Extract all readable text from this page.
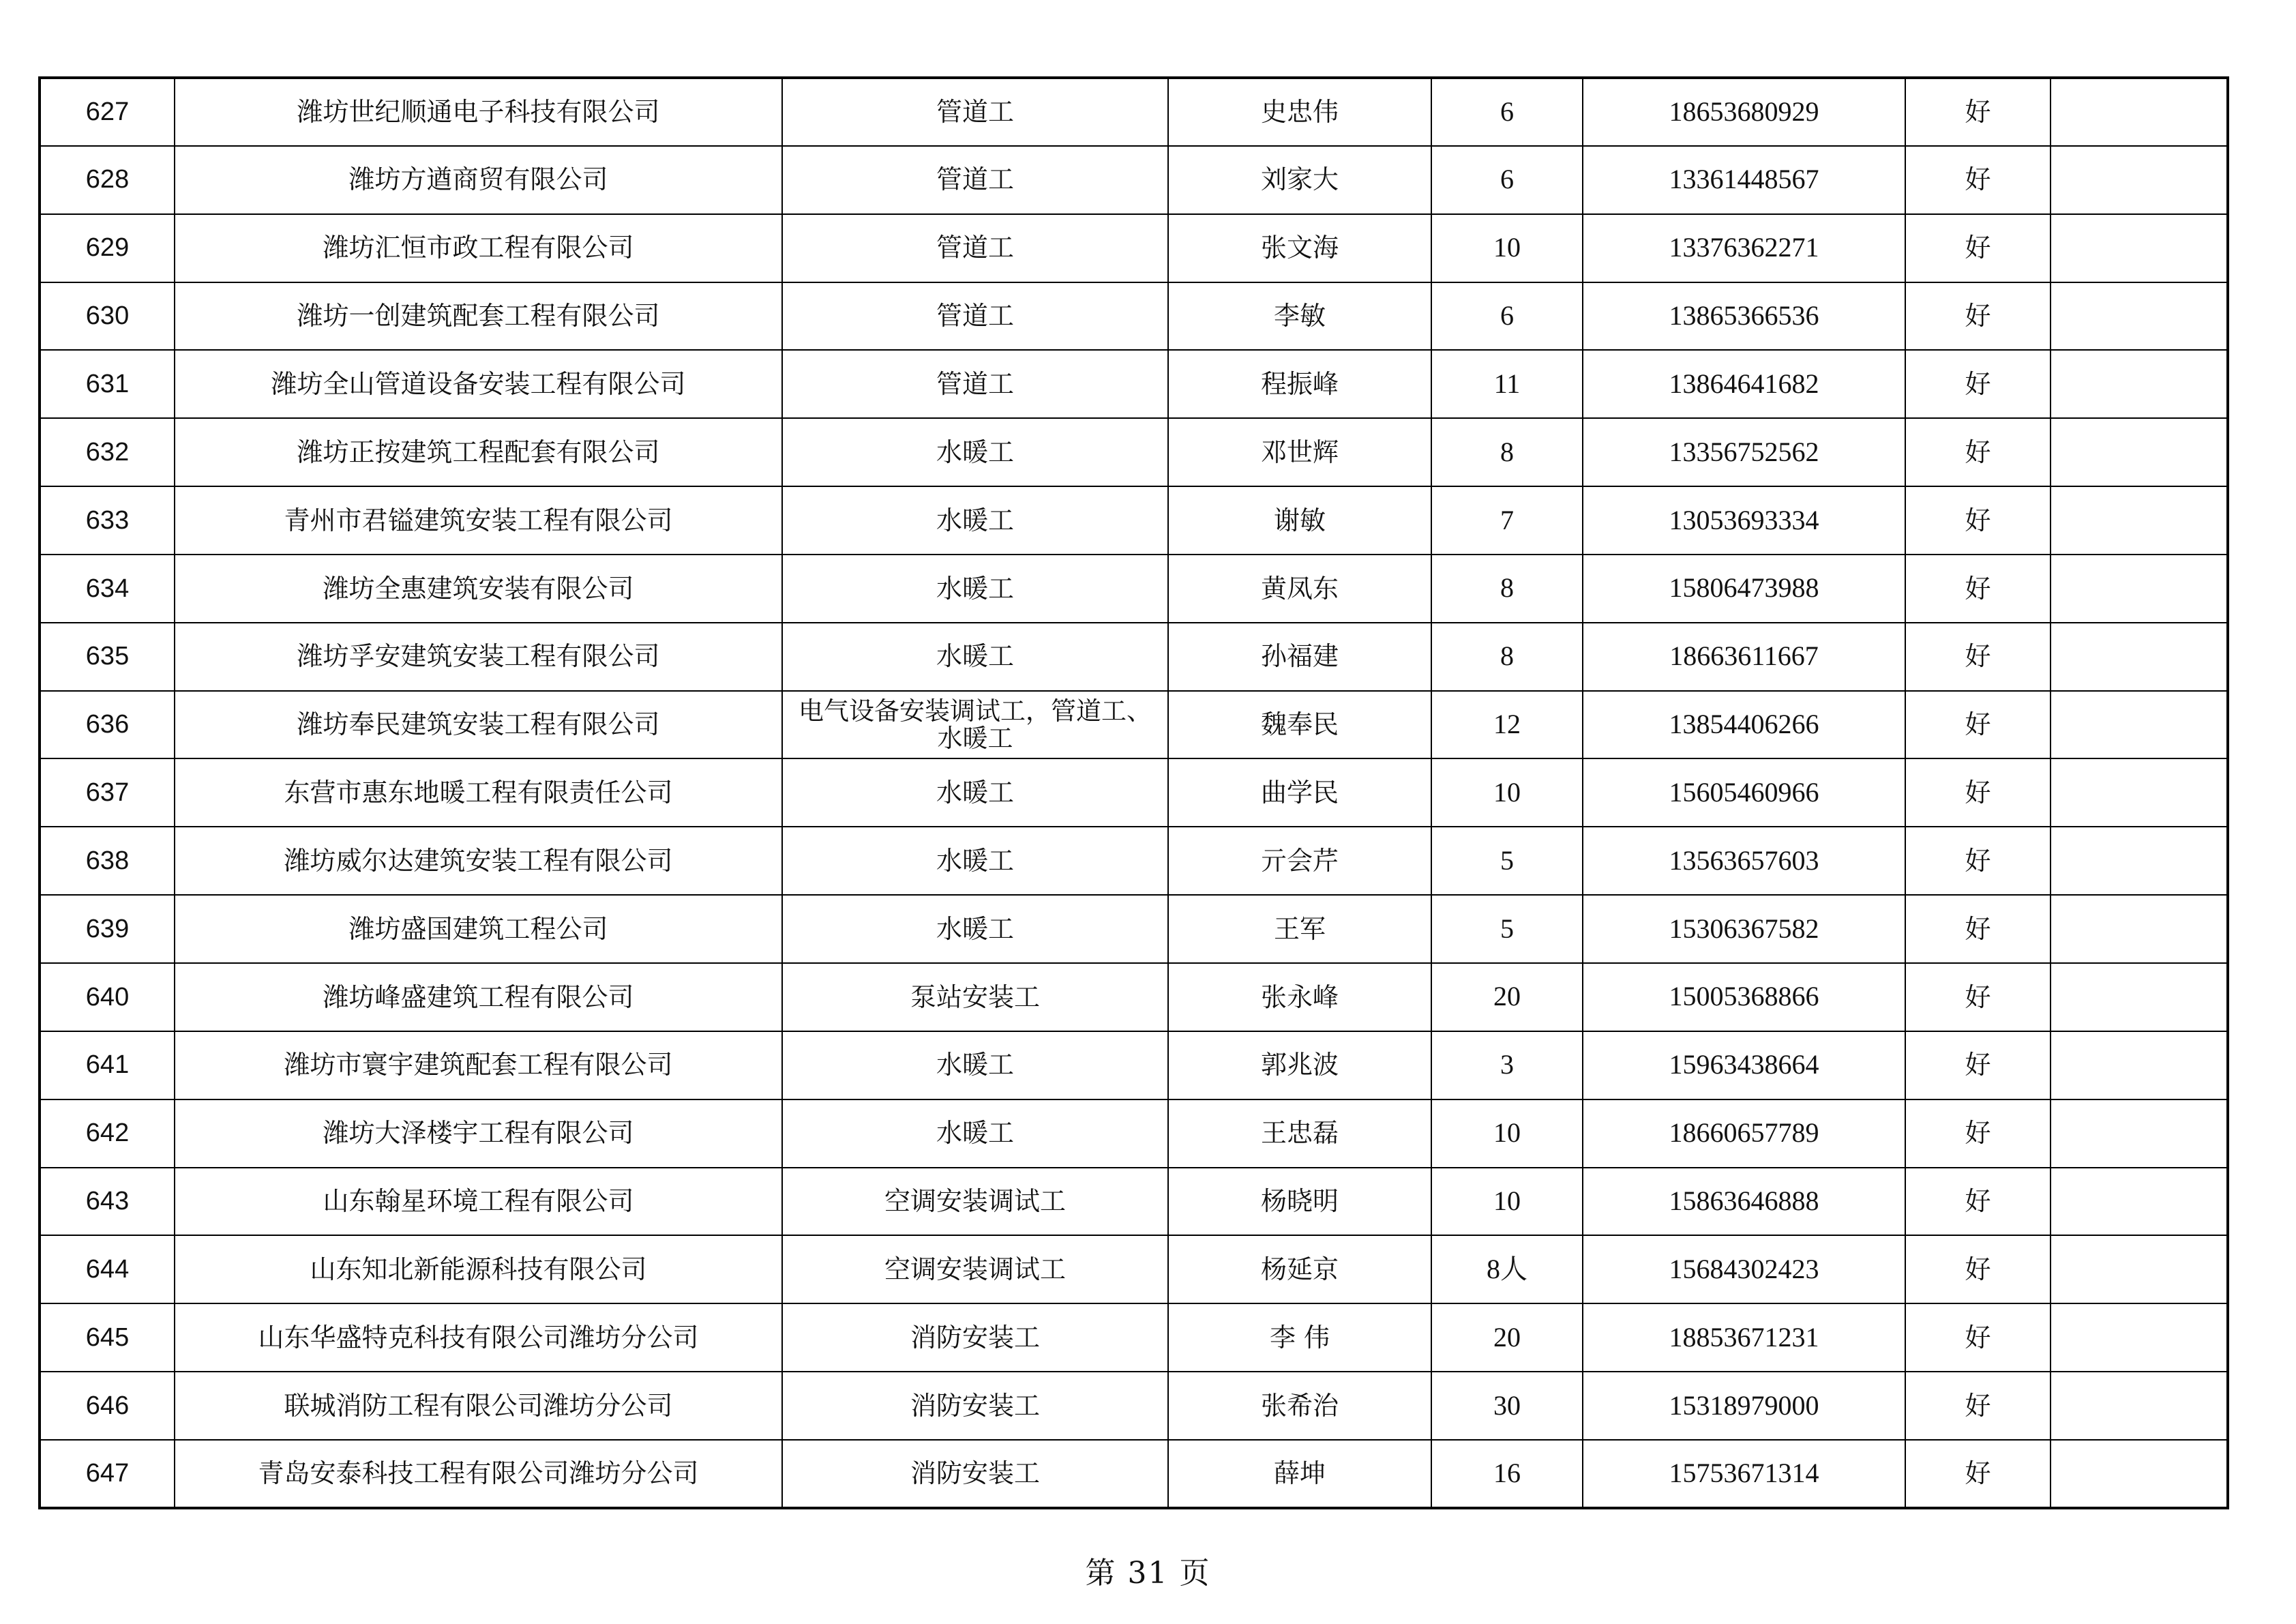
627	潍坊世纪顺通电子科技有限公司	管道工	史忠伟	6	18653680929	好	
628	潍坊方遒商贸有限公司	管道工	刘家大	6	13361448567	好	
629	潍坊汇恒市政工程有限公司	管道工	张文海	10	13376362271	好	
630	潍坊一创建筑配套工程有限公司	管道工	李敏	6	13865366536	好	
631	潍坊全山管道设备安装工程有限公司	管道工	程振峰	11	13864641682	好	
632	潍坊正按建筑工程配套有限公司	水暖工	邓世辉	8	13356752562	好	
633	青州市君镒建筑安装工程有限公司	水暖工	谢敏	7	13053693334	好	
634	潍坊全惠建筑安装有限公司	水暖工	黄凤东	8	15806473988	好	
635	潍坊孚安建筑安装工程有限公司	水暖工	孙福建	8	18663611667	好	
636	潍坊奉民建筑安装工程有限公司	电气设备安装调试工，管道工、水暖工	魏奉民	12	13854406266	好	
637	东营市惠东地暖工程有限责任公司	水暖工	曲学民	10	15605460966	好	
638	潍坊威尔达建筑安装工程有限公司	水暖工	亓会芹	5	13563657603	好	
639	潍坊盛国建筑工程公司	水暖工	王军	5	15306367582	好	
640	潍坊峰盛建筑工程有限公司	泵站安装工	张永峰	20	15005368866	好	
641	潍坊市寰宇建筑配套工程有限公司	水暖工	郭兆波	3	15963438664	好	
642	潍坊大泽楼宇工程有限公司	水暖工	王忠磊	10	18660657789	好	
643	山东翰星环境工程有限公司	空调安装调试工	杨晓明	10	15863646888	好	
644	山东知北新能源科技有限公司	空调安装调试工	杨延京	8人	15684302423	好	
645	山东华盛特克科技有限公司潍坊分公司	消防安装工	李 伟	20	18853671231	好	
646	联城消防工程有限公司潍坊分公司	消防安装工	张希治	30	15318979000	好	
647	青岛安泰科技工程有限公司潍坊分公司	消防安装工	薛坤	16	15753671314	好	
第 31 页
